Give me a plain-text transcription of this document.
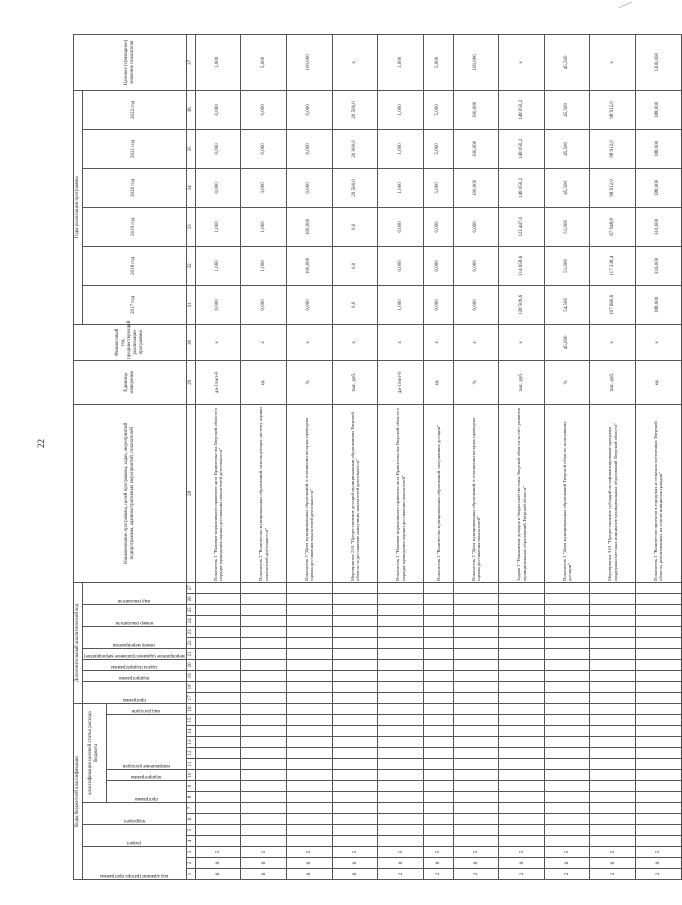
22
Коды бюджетной классификации																Дополнительный аналитический код											Наименование программы, целей программы, задач, мероприятий подпрограммы, административных мероприятий, показателей	Единица измерения	Финансовый год, предшествующий реализации программы	Годы реализации программы						Целевое (суммарное) значение показателя

код администратора программы			раздел		подраздел		классификация целевой статьи расхода бюджета									программа		подпрограмма	задача подпрограммы	мероприятие (административное мероприятие)	номер мероприятия		номер показателя		вид показателя					2017 год	2018 год	2019 год	2020 год	2021 год	2022 год	

							программа		подпрограмма	направление расходов					вид расходов																					

1	2	3	4	5	6	7	8	9	10	11	12	13	14	15	16	17	18	19	20	21	22	23	24	25	26	27	28	29	30	31	32	33	34	35	36	37
0	0	5																									Показатель 1 "Наличие нормативного правового акта Правительства Тверской области о порядке проведения оценки достижения показателей деятельности"	да-1/нет-0	х	0,000	1,000	1,000	0,000	0,000	0,000	1,000
0	0	5																									Показатель 2 "Количество муниципальных образований, использующих систему оценки показателей деятельности"	ед.	х	0,000	1,000	1,000	3,000	0,000	0,000	5,000
0	0	5																									Показатель 3 "Доля муниципальных образований, в отношении которых проведена оценка достижения показателей деятельности"	%	х	0,000	100,000	100,000	0,000	0,000	0,000	100,000
0	0	5																									Мероприятие 2.01 "Предоставление дотаций муниципальным образованиям Тверской области за достижение наилучших показателей деятельности"	тыс. руб.	х	0,0	0,0	0,0	29 500,0	20 000,0	20 500,0	х
2	0	5																									Показатель 1 "Наличие нормативного правового акта Правительства Тверской области о порядке проведения оценки достижения показателей"	да-1/нет-0	х	1,000	0,000	0,000	1,000	1,000	1,000	1,000
2	0	5																									Показатель 2 "Количество муниципальных образований, получивших дотации"	ед.	х	0,000	0,000	0,000	5,000	5,000	5,000	5,000
2	0	5																									Показатель 3 "Доля муниципальных образований, в отношении которых проведена оценка достижения показателей"	%	х	0,000	0,000	0,000	100,000	100,000	100,000	100,000
2	0	5																									Задача 3 "Повышение доходов и бюджетной системы Тверской области за счёт развития муниципальных образований Тверской области"	тыс. руб.	х	128 509,6	114 658,6	123 447,0	148 050,2	148 050,2	148 050,2	х
2	0	5																									Показатель 1 "Доля муниципальных образований Тверской области, получивших дотации"	%	45,000	54,500	51,000	51,000	45,500	45,500	45,500	45,500
2	0	5																									Мероприятие 3.01 "Предоставление субсидий на софинансирование программ поддержки местных инициатив муниципальных образований Тверской области"	тыс. руб.	х	107 660,6	117 338,4	67 948,8	98 912,0	98 912,0	98 912,0	х
2	0	5																									Показатель 1 "Количество проектов в городских и сельских поселениях Тверской области, реализованных на основе инициатив граждан"	ед.	х	188,000	216,000	310,000	188,000	188,000	188,000	1200,000
